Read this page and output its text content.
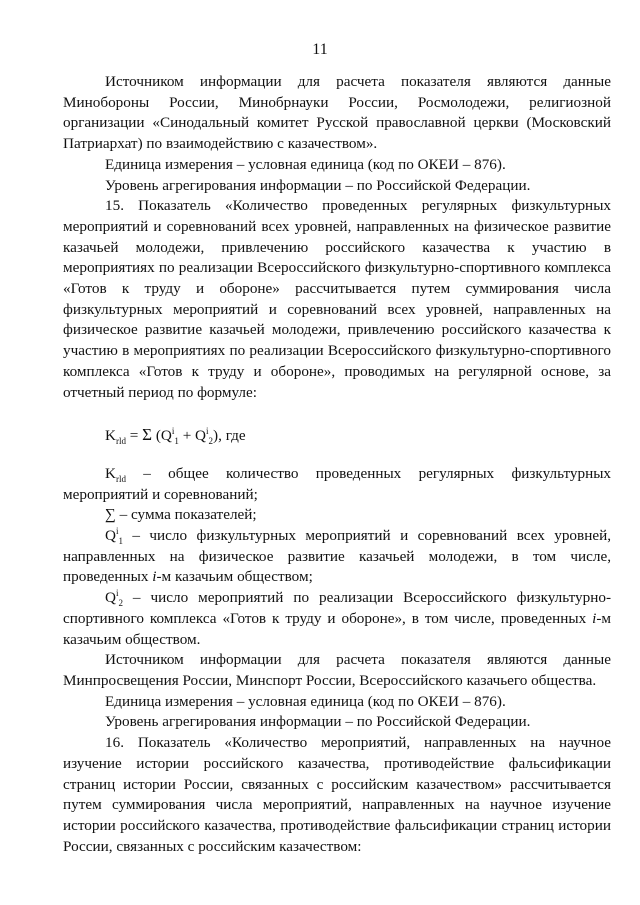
11

Источником информации для расчета показателя являются данные Минобороны России, Минобрнауки России, Росмолодежи, религиозной организации «Синодальный комитет Русской православной церкви (Московский Патриархат) по взаимодействию с казачеством».

Единица измерения – условная единица (код по ОКЕИ – 876).

Уровень агрегирования информации – по Российской Федерации.

15. Показатель «Количество проведенных регулярных физкультурных мероприятий и соревнований всех уровней, направленных на физическое развитие казачьей молодежи, привлечению российского казачества к участию в мероприятиях по реализации Всероссийского физкультурно-спортивного комплекса «Готов к труду и обороне» рассчитывается путем суммирования числа физкультурных мероприятий и соревнований всех уровней, направленных на физическое развитие казачьей молодежи, привлечению российского казачества к участию в мероприятиях по реализации Всероссийского физкультурно-спортивного комплекса «Готов к труду и обороне», проводимых на регулярной основе, за отчетный период по формуле:

$K_{rld} = \Sigma$ $(Q^i_1 + Q^i_2)$, где

$K_{rld}$ – общее количество проведенных регулярных физкультурных мероприятий и соревнований;

∑ – сумма показателей;

$Q^i_1$ – число физкультурных мероприятий и соревнований всех уровней, направленных на физическое развитие казачьей молодежи, в том числе, проведенных i-м казачьим обществом;

$Q^i_2$ – число мероприятий по реализации Всероссийского физкультурно-спортивного комплекса «Готов к труду и обороне», в том числе, проведенных i-м казачьим обществом.

Источником информации для расчета показателя являются данные Минпросвещения России, Минспорт России, Всероссийского казачьего общества.

Единица измерения – условная единица (код по ОКЕИ – 876).

Уровень агрегирования информации – по Российской Федерации.

16. Показатель «Количество мероприятий, направленных на научное изучение истории российского казачества, противодействие фальсификации страниц истории России, связанных с российским казачеством» рассчитывается путем суммирования числа мероприятий, направленных на научное изучение истории российского казачества, противодействие фальсификации страниц истории России, связанных с российским казачеством:
